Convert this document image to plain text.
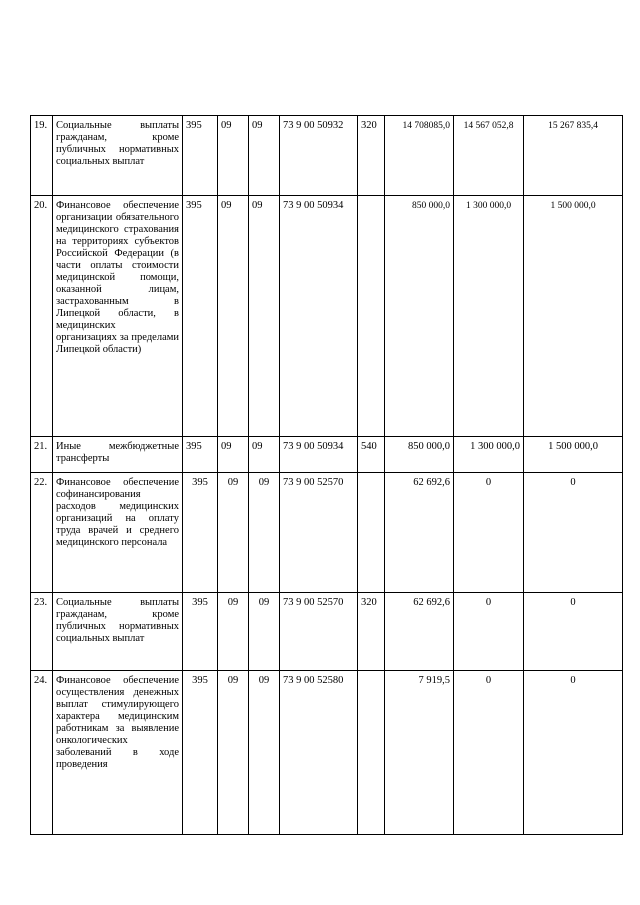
19.	Социальные выплаты гражданам, кроме публичных нормативных социальных выплат	395	09	09	73 9 00 50932	320	14 708085,0	14 567 052,8	15 267 835,4
20.	Финансовое обеспечение организации обязательного медицинского страхования на территориях субъектов Российской Федерации (в части оплаты стоимости медицинской помощи, оказанной лицам, застрахованным в Липецкой области, в медицинских организациях за пределами Липецкой области)	395	09	09	73 9 00 50934		850 000,0	1 300 000,0	1 500 000,0
21.	Иные межбюджетные трансферты	395	09	09	73 9 00 50934	540	850 000,0	1 300 000,0	1 500 000,0
22.	Финансовое обеспечение софинансирования расходов медицинских организаций на оплату труда врачей и среднего медицинского персонала	395	09	09	73 9 00 52570		62 692,6	0	0
23.	Социальные выплаты гражданам, кроме публичных нормативных социальных выплат	395	09	09	73 9 00 52570	320	62 692,6	0	0
24.	Финансовое обеспечение осуществления денежных выплат стимулирующего характера медицинским работникам за выявление онкологических заболеваний в ходе проведения	395	09	09	73 9 00 52580		7 919,5	0	0
